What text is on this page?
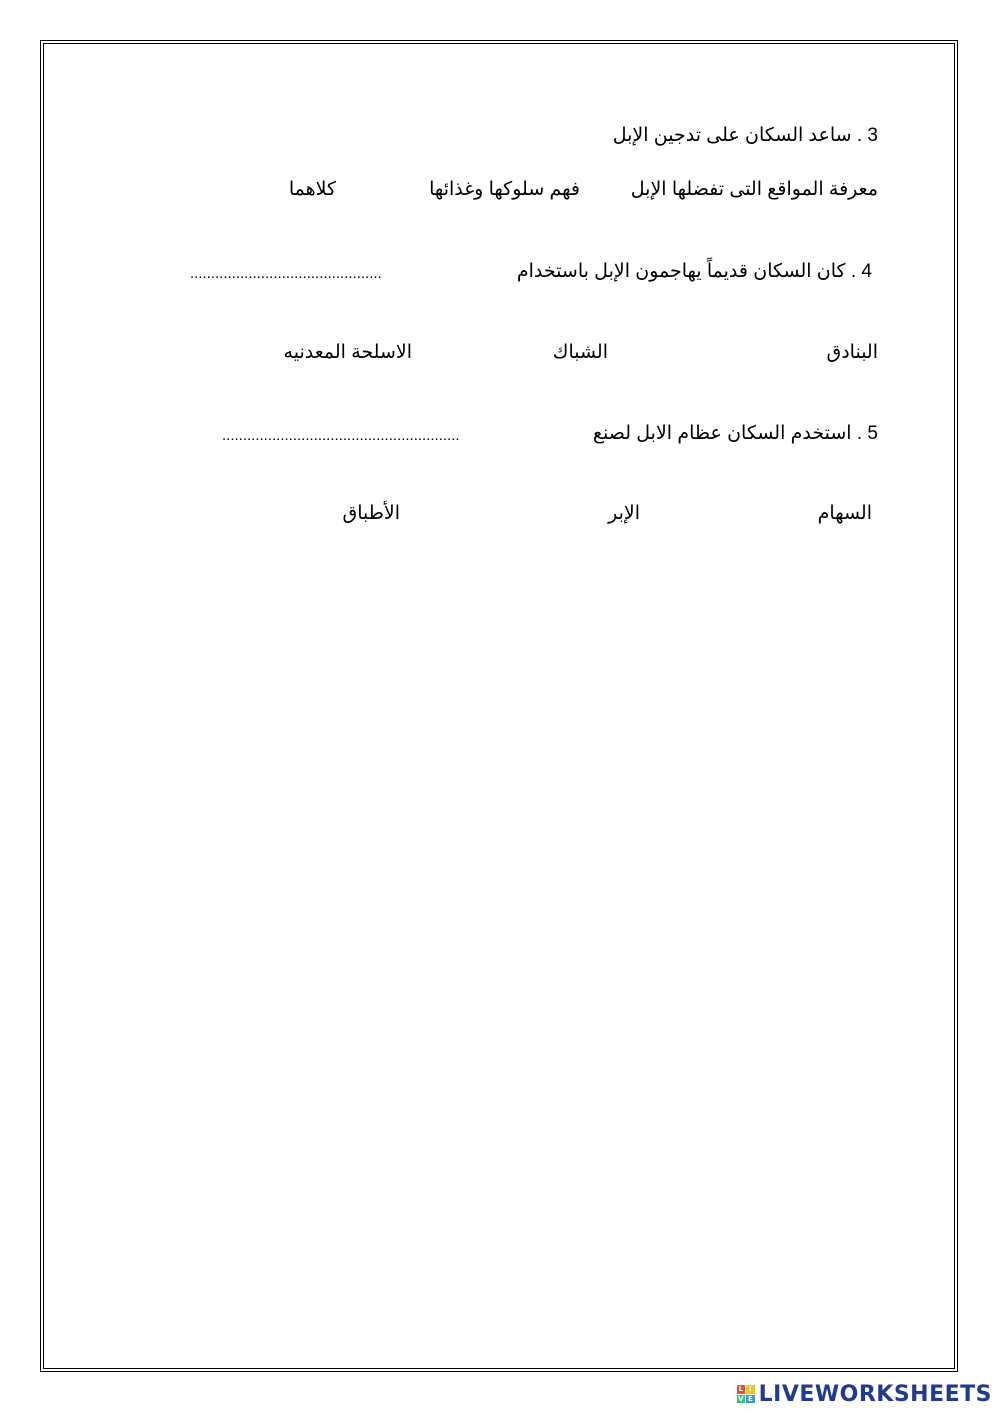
3 . ساعد السكان على تدجين الإبل
معرفة المواقع التى تفضلها الإبل
فهم سلوكها وغذائها
كلاهما
4 . كان السكان قديماً يهاجمون الإبل باستخدام
..............................................
البنادق
الشباك
الاسلحة المعدنيه
5 . استخدم السكان عظام الابل لصنع
.........................................................
السهام
الإبر
الأطباق
L I
V E LIVEWORKSHEETS
